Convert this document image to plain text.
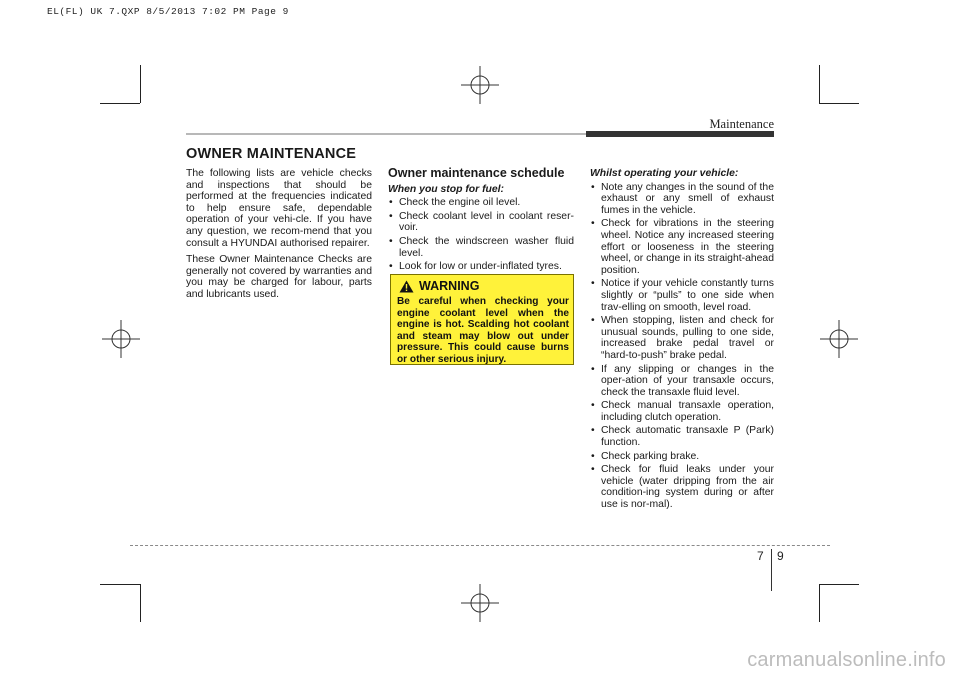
EL(FL) UK 7.QXP 8/5/2013 7:02 PM Page 9
Maintenance
OWNER MAINTENANCE

The following lists are vehicle checks and inspections that should be performed at the frequencies indicated to help ensure safe, dependable operation of your vehi-cle. If you have any question, we recom-mend that you consult a HYUNDAI authorised repairer.

These Owner Maintenance Checks are generally not covered by warranties and you may be charged for labour, parts and lubricants used.

Owner maintenance schedule
When you stop for fuel:
• Check the engine oil level.
• Check coolant level in coolant reser-voir.
• Check the windscreen washer fluid level.
• Look for low or under-inflated tyres.
WARNING
Be careful when checking your engine coolant level when the engine is hot. Scalding hot coolant and steam may blow out under pressure. This could cause burns or other serious injury.
Whilst operating your vehicle:
• Note any changes in the sound of the exhaust or any smell of exhaust fumes in the vehicle.
• Check for vibrations in the steering wheel. Notice any increased steering effort or looseness in the steering wheel, or change in its straight-ahead position.
• Notice if your vehicle constantly turns slightly or “pulls” to one side when trav-elling on smooth, level road.
• When stopping, listen and check for unusual sounds, pulling to one side, increased brake pedal travel or “hard-to-push” brake pedal.
• If any slipping or changes in the oper-ation of your transaxle occurs, check the transaxle fluid level.
• Check manual transaxle operation, including clutch operation.
• Check automatic transaxle P (Park) function.
• Check parking brake.
• Check for fluid leaks under your vehicle (water dripping from the air condition-ing system during or after use is nor-mal).
7 9
carmanualsonline.info
